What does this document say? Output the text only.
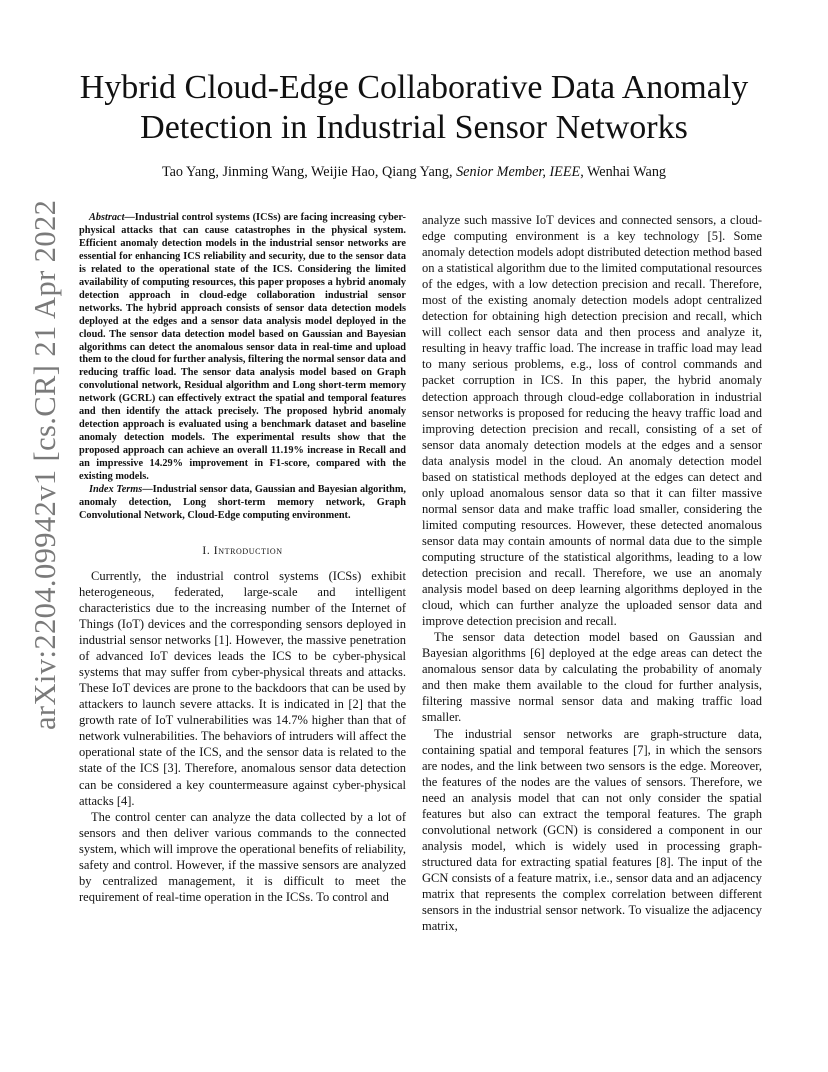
arXiv:2204.09942v1 [cs.CR] 21 Apr 2022
Hybrid Cloud-Edge Collaborative Data Anomaly Detection in Industrial Sensor Networks
Tao Yang, Jinming Wang, Weijie Hao, Qiang Yang, Senior Member, IEEE, Wenhai Wang

Abstract—Industrial control systems (ICSs) are facing increasing cyber-physical attacks that can cause catastrophes in the physical system. Efficient anomaly detection models in the industrial sensor networks are essential for enhancing ICS reliability and security, due to the sensor data is related to the operational state of the ICS. Considering the limited availability of computing resources, this paper proposes a hybrid anomaly detection approach in cloud-edge collaboration industrial sensor networks. The hybrid approach consists of sensor data detection models deployed at the edges and a sensor data analysis model deployed in the cloud. The sensor data detection model based on Gaussian and Bayesian algorithms can detect the anomalous sensor data in real-time and upload them to the cloud for further analysis, filtering the normal sensor data and reducing traffic load. The sensor data analysis model based on Graph convolutional network, Residual algorithm and Long short-term memory network (GCRL) can effectively extract the spatial and temporal features and then identify the attack precisely. The proposed hybrid anomaly detection approach is evaluated using a benchmark dataset and baseline anomaly detection models. The experimental results show that the proposed approach can achieve an overall 11.19% increase in Recall and an impressive 14.29% improvement in F1-score, compared with the existing models.

Index Terms—Industrial sensor data, Gaussian and Bayesian algorithm, anomaly detection, Long short-term memory network, Graph Convolutional Network, Cloud-Edge computing environment.

I. Introduction

Currently, the industrial control systems (ICSs) exhibit heterogeneous, federated, large-scale and intelligent characteristics due to the increasing number of the Internet of Things (IoT) devices and the corresponding sensors deployed in industrial sensor networks [1]. However, the massive penetration of advanced IoT devices leads the ICS to be cyber-physical systems that may suffer from cyber-physical threats and attacks. These IoT devices are prone to the backdoors that can be used by attackers to launch severe attacks. It is indicated in [2] that the growth rate of IoT vulnerabilities was 14.7% higher than that of network vulnerabilities. The behaviors of intruders will affect the operational state of the ICS, and the sensor data is related to the state of the ICS [3]. Therefore, anomalous sensor data detection can be considered a key countermeasure against cyber-physical attacks [4].

The control center can analyze the data collected by a lot of sensors and then deliver various commands to the connected system, which will improve the operational benefits of reliability, safety and control. However, if the massive sensors are analyzed by centralized management, it is difficult to meet the requirement of real-time operation in the ICSs. To control and

analyze such massive IoT devices and connected sensors, a cloud-edge computing environment is a key technology [5]. Some anomaly detection models adopt distributed detection method based on a statistical algorithm due to the limited computational resources of the edges, with a low detection precision and recall. Therefore, most of the existing anomaly detection models adopt centralized detection for obtaining high detection precision and recall, which will collect each sensor data and then process and analyze it, resulting in heavy traffic load. The increase in traffic load may lead to many serious problems, e.g., loss of control commands and packet corruption in ICS. In this paper, the hybrid anomaly detection approach through cloud-edge collaboration in industrial sensor networks is proposed for reducing the heavy traffic load and improving detection precision and recall, consisting of a set of sensor data anomaly detection models at the edges and a sensor data analysis model in the cloud. An anomaly detection model based on statistical methods deployed at the edges can detect and only upload anomalous sensor data so that it can filter massive normal sensor data and make traffic load smaller, considering the limited computing resources. However, these detected anomalous sensor data may contain amounts of normal data due to the simple computing structure of the statistical algorithms, leading to a low detection precision and recall. Therefore, we use an anomaly analysis model based on deep learning algorithms deployed in the cloud, which can further analyze the uploaded sensor data and improve detection precision and recall.

The sensor data detection model based on Gaussian and Bayesian algorithms [6] deployed at the edge areas can detect the anomalous sensor data by calculating the probability of anomaly and then make them available to the cloud for further analysis, filtering massive normal sensor data and making traffic load smaller.

The industrial sensor networks are graph-structure data, containing spatial and temporal features [7], in which the sensors are nodes, and the link between two sensors is the edge. Moreover, the features of the nodes are the values of sensors. Therefore, we need an analysis model that can not only consider the spatial features but also can extract the temporal features. The graph convolutional network (GCN) is considered a component in our analysis model, which is widely used in processing graph-structured data for extracting spatial features [8]. The input of the GCN consists of a feature matrix, i.e., sensor data and an adjacency matrix that represents the complex correlation between different sensors in the industrial sensor network. To visualize the adjacency matrix,
